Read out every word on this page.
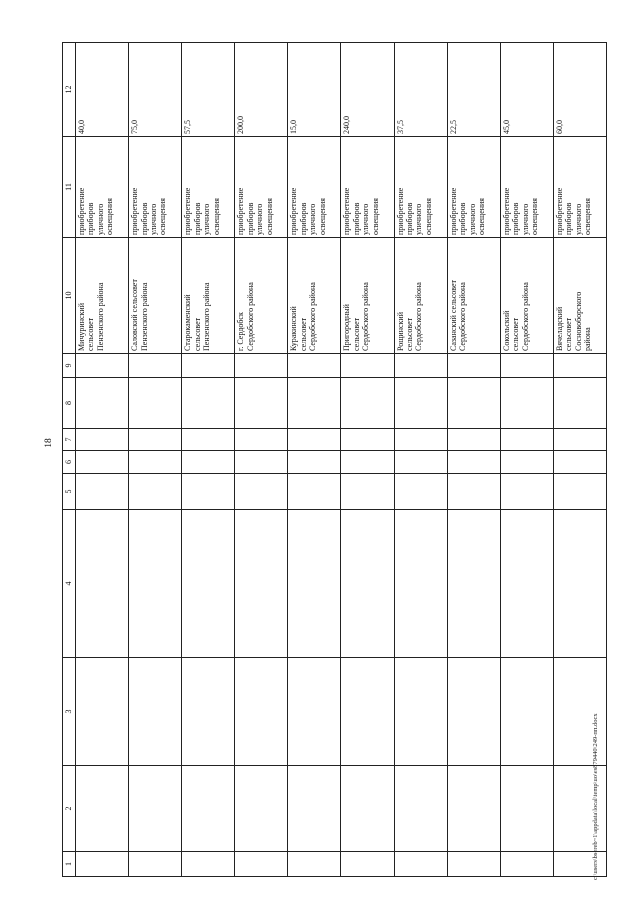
18
1	2	3	4	5	6	7	8	9	10	11	12
									Мичуринский
сельсовет
Пензенского района	приобретение
приборов
уличного
освещения	40,0
									Саловский сельсовет
Пензенского района	приобретение
приборов
уличного
освещения	75,0
									Старокаменский
сельсовет
Пензенского района	приобретение
приборов
уличного
освещения	57,5
									г. Сердобск
Сердобского района	приобретение
приборов
уличного
освещения	200,0
									Куракинский
сельсовет
Сердобского района	приобретение
приборов
уличного
освещения	15,0
									Пригородный
сельсовет
Сердобского района	приобретение
приборов
уличного
освещения	240,0
									Рощинский
сельсовет
Сердобского района	приобретение
приборов
уличного
освещения	37,5
									Сазанский сельсовет
Сердобского района	приобретение
приборов
уличного
освещения	22,5
									Сокольский
сельсовет
Сердобского района	приобретение
приборов
уличного
освещения	45,0
									Вячеладский
сельсовет
Сосновоборского
района	приобретение
приборов
уличного
освещения	60,0
c:\users\bsereb~1\appdata\local\temp\uo\es879440\249-пп.docx
